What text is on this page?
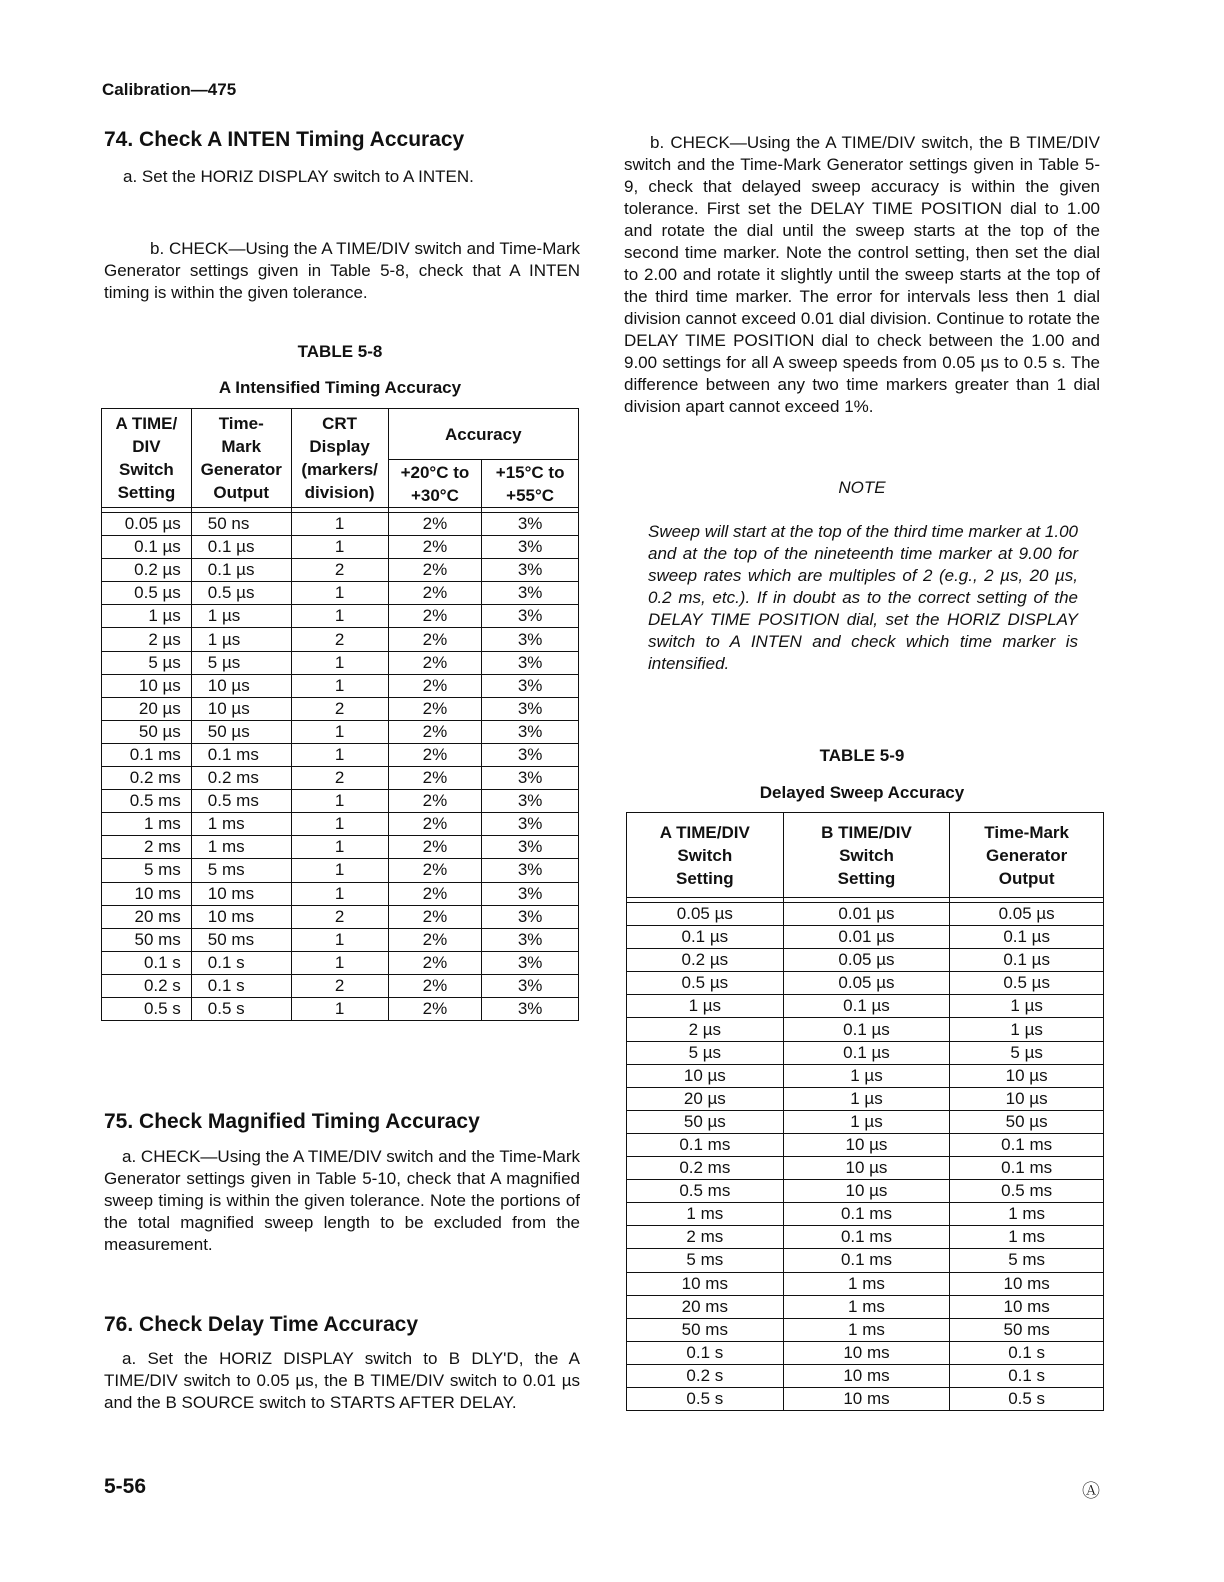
Calibration—475
74. Check A INTEN Timing Accuracy
a. Set the HORIZ DISPLAY switch to A INTEN.
b. CHECK—Using the A TIME/DIV switch and Time-Mark Generator settings given in Table 5-8, check that A INTEN timing is within the given tolerance.
TABLE 5-8
A Intensified Timing Accuracy
A TIME/
DIV
Switch
Setting	Time-
Mark
Generator
Output	CRT
Display
(markers/
division)	Accuracy	
			+20°C to
+30°C	+15°C to
+55°C

0.05 µs	50 ns	1	2%	3%
0.1 µs	0.1 µs	1	2%	3%
0.2 µs	0.1 µs	2	2%	3%
0.5 µs	0.5 µs	1	2%	3%
1 µs	1 µs	1	2%	3%
2 µs	1 µs	2	2%	3%
5 µs	5 µs	1	2%	3%
10 µs	10 µs	1	2%	3%
20 µs	10 µs	2	2%	3%
50 µs	50 µs	1	2%	3%
0.1 ms	0.1 ms	1	2%	3%
0.2 ms	0.2 ms	2	2%	3%
0.5 ms	0.5 ms	1	2%	3%
1 ms	1 ms	1	2%	3%
2 ms	1 ms	1	2%	3%
5 ms	5 ms	1	2%	3%
10 ms	10 ms	1	2%	3%
20 ms	10 ms	2	2%	3%
50 ms	50 ms	1	2%	3%
0.1 s	0.1 s	1	2%	3%
0.2 s	0.1 s	2	2%	3%
0.5 s	0.5 s	1	2%	3%
75. Check Magnified Timing Accuracy
a. CHECK—Using the A TIME/DIV switch and the Time-Mark Generator settings given in Table 5-10, check that A magnified sweep timing is within the given tolerance. Note the portions of the total magnified sweep length to be excluded from the measurement.
76. Check Delay Time Accuracy
a. Set the HORIZ DISPLAY switch to B DLY'D, the A TIME/DIV switch to 0.05 µs, the B TIME/DIV switch to 0.01 µs and the B SOURCE switch to STARTS AFTER DELAY.
b. CHECK—Using the A TIME/DIV switch, the B TIME/DIV switch and the Time-Mark Generator settings given in Table 5-9, check that delayed sweep accuracy is within the given tolerance. First set the DELAY TIME POSITION dial to 1.00 and rotate the dial until the sweep starts at the top of the second time marker. Note the control setting, then set the dial to 2.00 and rotate it slightly until the sweep starts at the top of the third time marker. The error for intervals less then 1 dial division cannot exceed 0.01 dial division. Continue to rotate the DELAY TIME POSITION dial to check between the 1.00 and 9.00 settings for all A sweep speeds from 0.05 µs to 0.5 s. The difference between any two time markers greater than 1 dial division apart cannot exceed 1%.
NOTE
Sweep will start at the top of the third time marker at 1.00 and at the top of the nineteenth time marker at 9.00 for sweep rates which are multiples of 2 (e.g., 2 µs, 20 µs, 0.2 ms, etc.). If in doubt as to the correct setting of the DELAY TIME POSITION dial, set the HORIZ DISPLAY switch to A INTEN and check which time marker is intensified.
TABLE 5-9
Delayed Sweep Accuracy
A TIME/DIV
Switch
Setting	B TIME/DIV
Switch
Setting	Time-Mark
Generator
Output

0.05 µs	0.01 µs	0.05 µs
0.1 µs	0.01 µs	0.1 µs
0.2 µs	0.05 µs	0.1 µs
0.5 µs	0.05 µs	0.5 µs
1 µs	0.1 µs	1 µs
2 µs	0.1 µs	1 µs
5 µs	0.1 µs	5 µs
10 µs	1 µs	10 µs
20 µs	1 µs	10 µs
50 µs	1 µs	50 µs
0.1 ms	10 µs	0.1 ms
0.2 ms	10 µs	0.1 ms
0.5 ms	10 µs	0.5 ms
1 ms	0.1 ms	1 ms
2 ms	0.1 ms	1 ms
5 ms	0.1 ms	5 ms
10 ms	1 ms	10 ms
20 ms	1 ms	10 ms
50 ms	1 ms	50 ms
0.1 s	10 ms	0.1 s
0.2 s	10 ms	0.1 s
0.5 s	10 ms	0.5 s
5-56	Ⓐ
